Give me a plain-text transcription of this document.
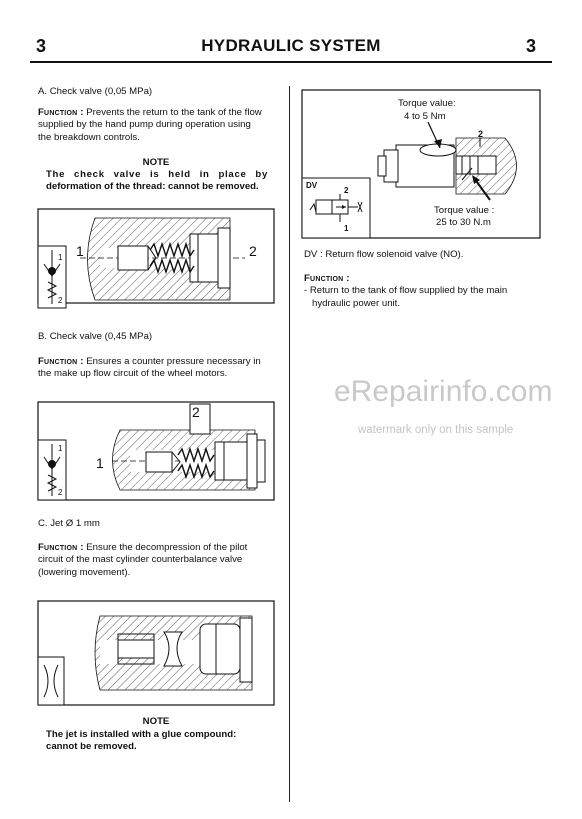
3	HYDRAULIC SYSTEM	3
A. Check valve (0,05 MPa)
Function : Prevents the return to the tank of the flow
supplied by the hand pump during operation using
the breakdown controls.
NOTE
The check valve is held in place by
deformation of the thread: cannot be removed.
1	2
1
2
B. Check valve (0,45 MPa)
Function : Ensures a counter pressure necessary in
the make up flow circuit of the wheel motors.
1
2
1
2
C. Jet Ø 1 mm
Function : Ensure the decompression of the pilot
circuit of the mast cylinder counterbalance valve
(lowering movement).
NOTE
The jet is installed with a glue compound:
cannot be removed.
Torque value:
4 to 5 Nm
Torque value :
25 to 30 N.m
DV
2
1
2
DV : Return flow solenoid valve (NO).
Function :
- Return to the tank of flow supplied by the main
hydraulic power unit.
eRepairinfo.com
watermark only on this sample
